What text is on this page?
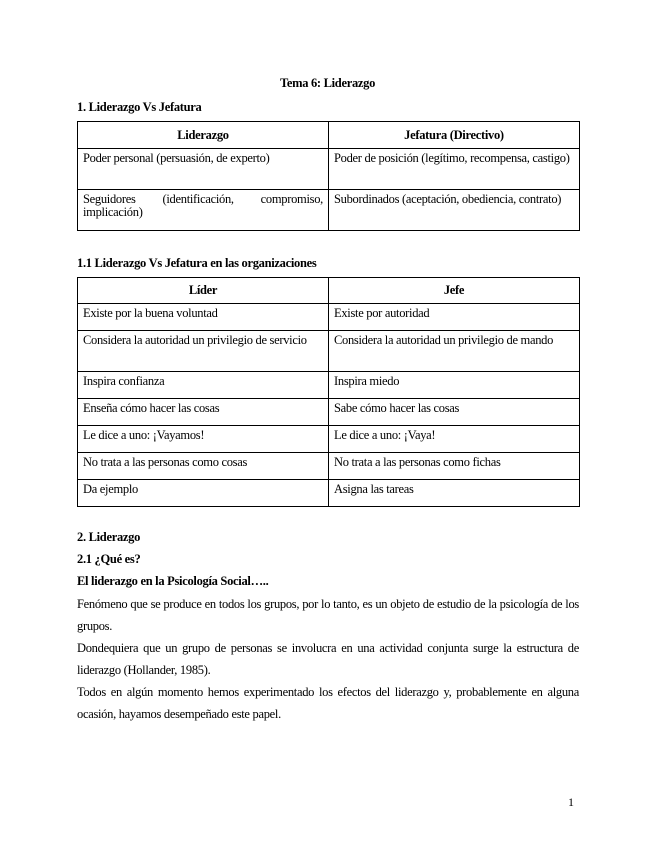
Tema 6: Liderazgo
1. Liderazgo Vs Jefatura
Liderazgo	Jefatura (Directivo)
Poder personal (persuasión, de experto)	Poder de posición (legítimo, recompensa, castigo)
Seguidores (identificación, compromiso, implicación)	Subordinados (aceptación, obediencia, contrato)
1.1 Liderazgo Vs Jefatura en las organizaciones
Líder	Jefe
Existe por la buena voluntad	Existe por autoridad
Considera la autoridad un privilegio de servicio	Considera la autoridad un privilegio de mando
Inspira confianza	Inspira miedo
Enseña cómo hacer las cosas	Sabe cómo hacer las cosas
Le dice a uno: ¡Vayamos!	Le dice a uno: ¡Vaya!
No trata a las personas como cosas	No trata a las personas como fichas
Da ejemplo	Asigna las tareas
2. Liderazgo
2.1 ¿Qué es?
El liderazgo en la Psicología Social…..
Fenómeno que se produce en todos los grupos, por lo tanto, es un objeto de estudio de la psicología de los grupos.
Dondequiera que un grupo de personas se involucra en una actividad conjunta surge la estructura de liderazgo (Hollander, 1985).
Todos en algún momento hemos experimentado los efectos del liderazgo y, probablemente en alguna ocasión, hayamos desempeñado este papel.
1
